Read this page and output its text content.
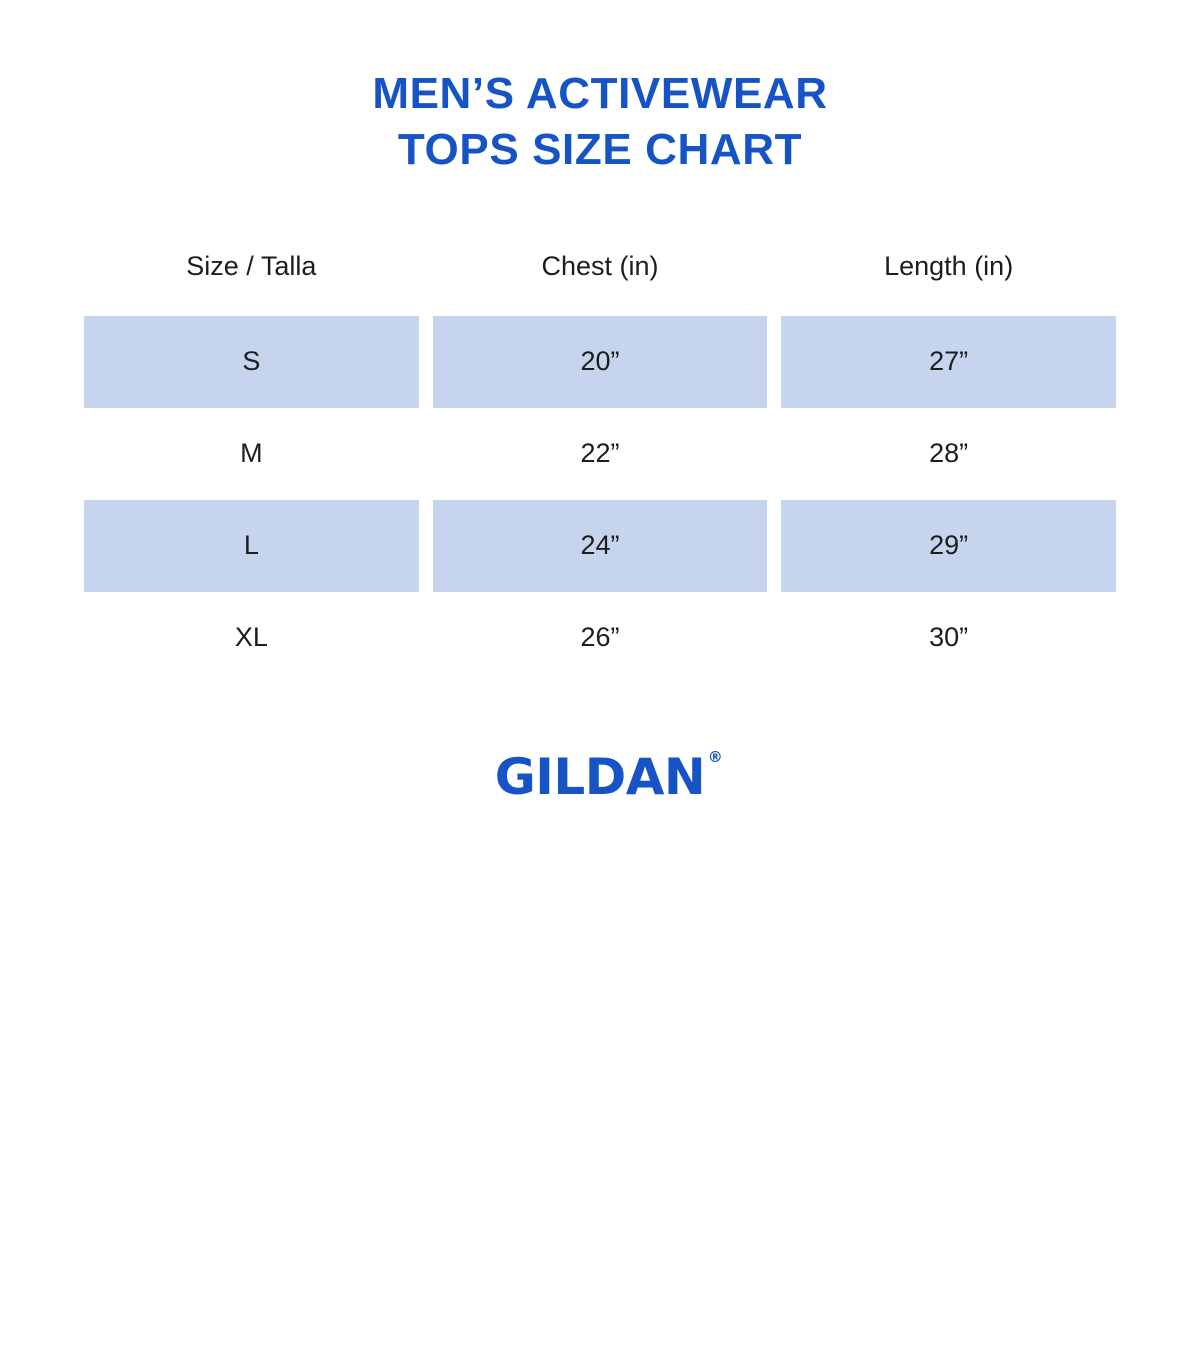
MEN’S ACTIVEWEAR
TOPS SIZE CHART
Size / Talla	Chest (in)	Length (in)
S	20”	27”
M	22”	28”
L	24”	29”
XL	26”	30”
GILDAN ®
